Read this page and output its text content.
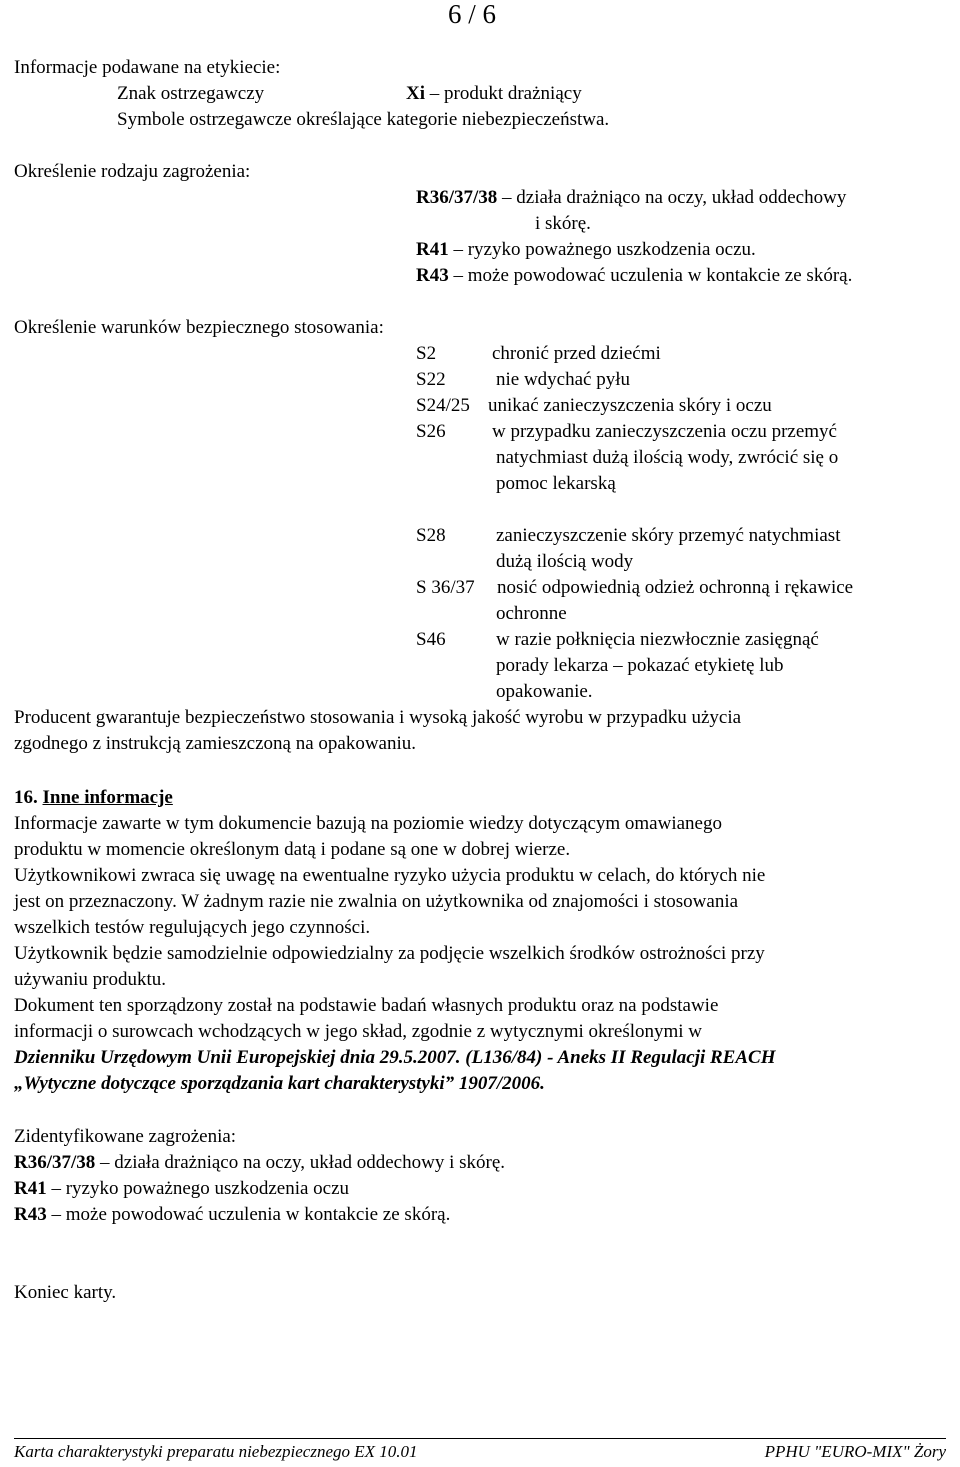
6 / 6
Informacje podawane na etykiecie:
Znak ostrzegawczy	Xi – produkt drażniący
Symbole ostrzegawcze określające kategorie niebezpieczeństwa.
Określenie rodzaju zagrożenia:
R36/37/38 – działa drażniąco na oczy, układ oddechowy
i skórę.
R41 – ryzyko poważnego uszkodzenia oczu.
R43 – może powodować uczulenia w kontakcie ze skórą.
Określenie warunków bezpiecznego stosowania:
S2	chronić przed dziećmi
S22	nie wdychać pyłu
S24/25 unikać zanieczyszczenia skóry i oczu
S26 w przypadku zanieczyszczenia oczu przemyć
natychmiast dużą ilością wody, zwrócić się o
pomoc lekarską
S28	zanieczyszczenie skóry przemyć natychmiast
dużą ilością wody
S 36/37 nosić odpowiednią odzież ochronną i rękawice
ochronne
S46	w razie połknięcia niezwłocznie zasięgnąć
porady lekarza – pokazać etykietę lub
opakowanie.
Producent gwarantuje bezpieczeństwo stosowania i wysoką jakość wyrobu w przypadku użycia
zgodnego z instrukcją zamieszczoną na opakowaniu.
16. Inne informacje
Informacje zawarte w tym dokumencie bazują na poziomie wiedzy dotyczącym omawianego
produktu w momencie określonym datą i podane są one w dobrej wierze.
Użytkownikowi zwraca się uwagę na ewentualne ryzyko użycia produktu w celach, do których nie
jest on przeznaczony. W żadnym razie nie zwalnia on użytkownika od znajomości i stosowania
wszelkich testów regulujących jego czynności.
Użytkownik będzie samodzielnie odpowiedzialny za podjęcie wszelkich środków ostrożności przy
używaniu produktu.
Dokument ten sporządzony został na podstawie badań własnych produktu oraz na podstawie
informacji o surowcach wchodzących w jego skład, zgodnie z wytycznymi określonymi w
Dzienniku Urzędowym Unii Europejskiej dnia 29.5.2007. (L136/84) - Aneks II Regulacji REACH
„Wytyczne dotyczące sporządzania kart charakterystyki” 1907/2006.
Zidentyfikowane zagrożenia:
R36/37/38 – działa drażniąco na oczy, układ oddechowy i skórę.
R41 – ryzyko poważnego uszkodzenia oczu
R43 – może powodować uczulenia w kontakcie ze skórą.
Koniec karty.
Karta charakterystyki preparatu niebezpiecznego EX 10.01	PPHU "EURO-MIX" Żory
